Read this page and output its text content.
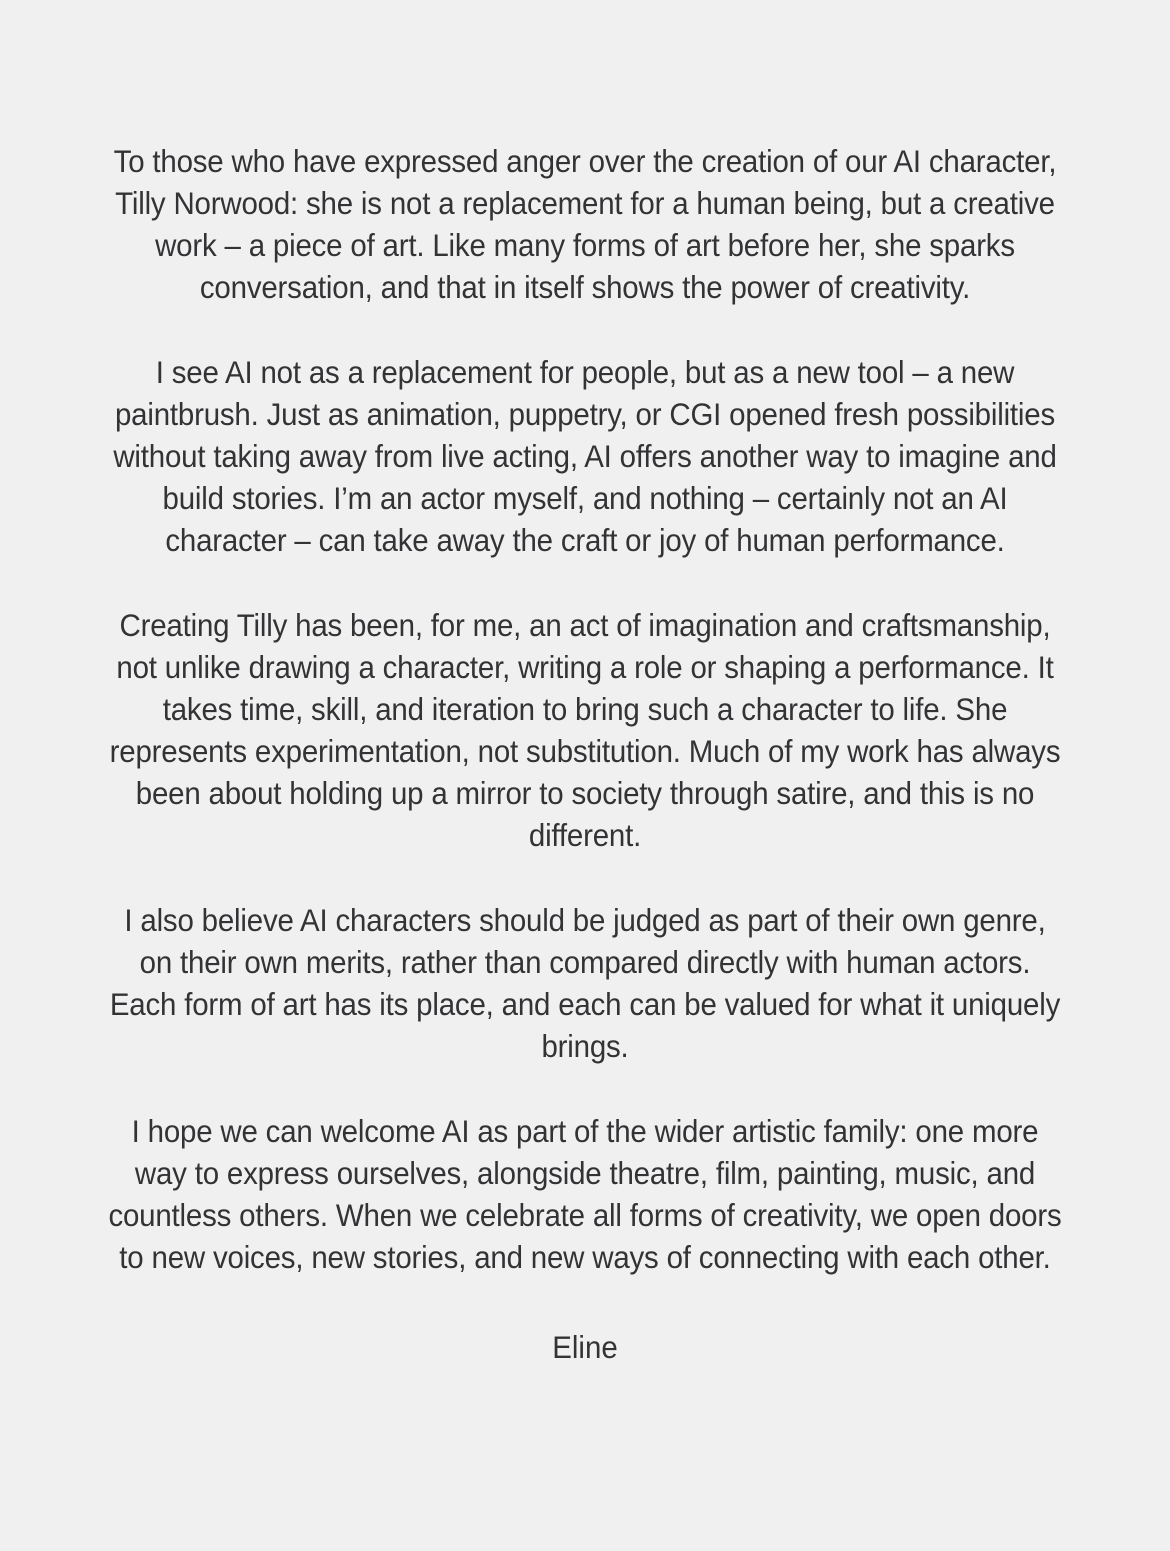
To those who have expressed anger over the creation of our AI character, Tilly Norwood: she is not a replacement for a human being, but a creative work – a piece of art. Like many forms of art before her, she sparks conversation, and that in itself shows the power of creativity.

I see AI not as a replacement for people, but as a new tool – a new paintbrush. Just as animation, puppetry, or CGI opened fresh possibilities without taking away from live acting, AI offers another way to imagine and build stories. I’m an actor myself, and nothing – certainly not an AI character – can take away the craft or joy of human performance.

Creating Tilly has been, for me, an act of imagination and craftsmanship, not unlike drawing a character, writing a role or shaping a performance. It takes time, skill, and iteration to bring such a character to life. She represents experimentation, not substitution. Much of my work has always been about holding up a mirror to society through satire, and this is no different.

I also believe AI characters should be judged as part of their own genre, on their own merits, rather than compared directly with human actors. Each form of art has its place, and each can be valued for what it uniquely brings.

I hope we can welcome AI as part of the wider artistic family: one more way to express ourselves, alongside theatre, film, painting, music, and countless others. When we celebrate all forms of creativity, we open doors to new voices, new stories, and new ways of connecting with each other.

Eline
